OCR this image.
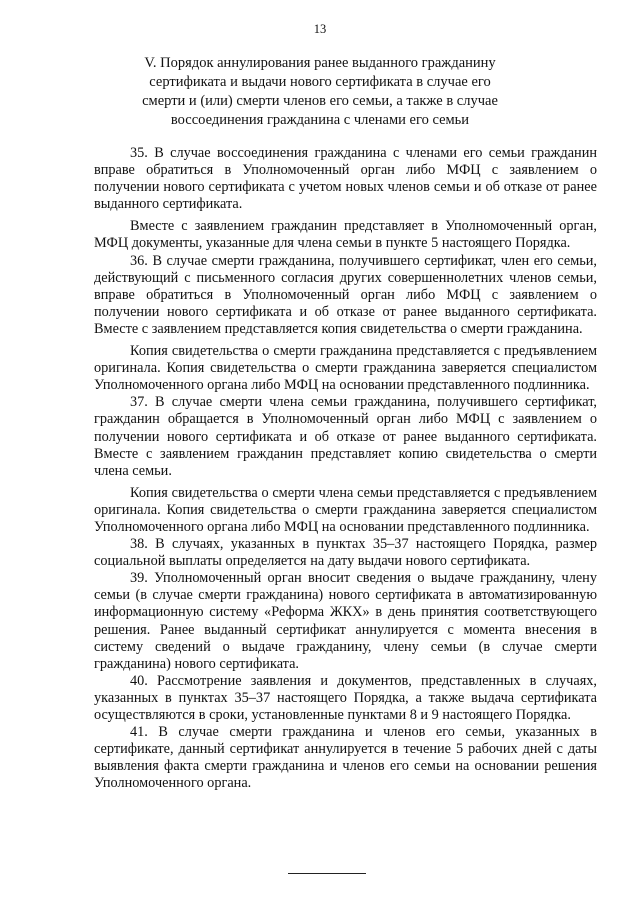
13
V. Порядок аннулирования ранее выданного гражданину сертификата и выдачи нового сертификата в случае его смерти и (или) смерти членов его семьи, а также в случае воссоединения гражданина с членами его семьи

35. В случае воссоединения гражданина с членами его семьи гражданин вправе обратиться в Уполномоченный орган либо МФЦ с заявлением о получении нового сертификата с учетом новых членов семьи и об отказе от ранее выданного сертификата.

Вместе с заявлением гражданин представляет в Уполномоченный орган, МФЦ документы, указанные для члена семьи в пункте 5 настоящего Порядка.

36. В случае смерти гражданина, получившего сертификат, член его семьи, действующий с письменного согласия других совершеннолетних членов семьи, вправе обратиться в Уполномоченный орган либо МФЦ с заявлением о получении нового сертификата и об отказе от ранее выданного сертификата. Вместе с заявлением представляется копия свидетельства о смерти гражданина.

Копия свидетельства о смерти гражданина представляется с предъявлением оригинала. Копия свидетельства о смерти гражданина заверяется специалистом Уполномоченного органа либо МФЦ на основании представленного подлинника.

37. В случае смерти члена семьи гражданина, получившего сертификат, гражданин обращается в Уполномоченный орган либо МФЦ с заявлением о получении нового сертификата и об отказе от ранее выданного сертификата. Вместе с заявлением гражданин представляет копию свидетельства о смерти члена семьи.

Копия свидетельства о смерти члена семьи представляется с предъявлением оригинала. Копия свидетельства о смерти гражданина заверяется специалистом Уполномоченного органа либо МФЦ на основании представленного подлинника.

38. В случаях, указанных в пунктах 35–37 настоящего Порядка, размер социальной выплаты определяется на дату выдачи нового сертификата.

39. Уполномоченный орган вносит сведения о выдаче гражданину, члену семьи (в случае смерти гражданина) нового сертификата в автоматизированную информационную систему «Реформа ЖКХ» в день принятия соответствующего решения. Ранее выданный сертификат аннулируется с момента внесения в систему сведений о выдаче гражданину, члену семьи (в случае смерти гражданина) нового сертификата.

40. Рассмотрение заявления и документов, представленных в случаях, указанных в пунктах 35–37 настоящего Порядка, а также выдача сертификата осуществляются в сроки, установленные пунктами 8 и 9 настоящего Порядка.

41. В случае смерти гражданина и членов его семьи, указанных в сертификате, данный сертификат аннулируется в течение 5 рабочих дней с даты выявления факта смерти гражданина и членов его семьи на основании решения Уполномоченного органа.
